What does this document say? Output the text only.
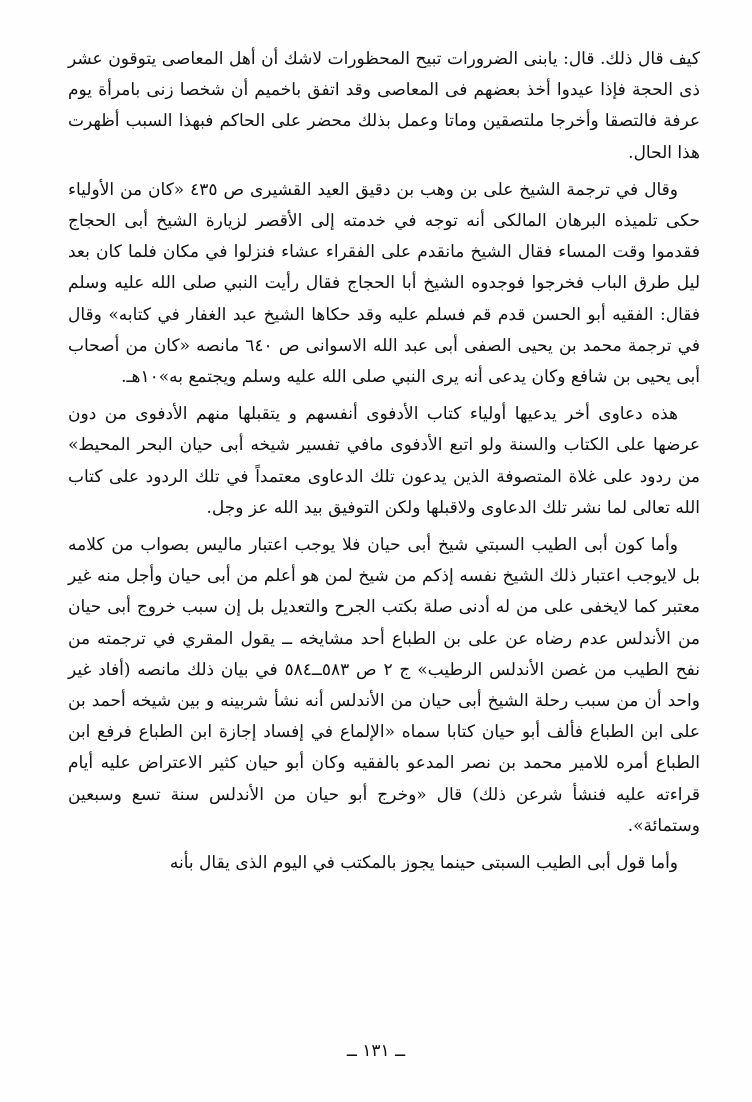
كيف قال ذلك. قال: يابنى الضرورات تبيح المحظورات لاشك أن أهل المعاصى يتوقون عشر ذى الحجة فإذا عيدوا أخذ بعضهم فى المعاصى وقد اتفق باخميم أن شخصا زنى بامرأة يوم عرفة فالتصقا وأخرجا ملتصقين وماتا وعمل بذلك محضر على الحاكم فبهذا السبب أظهرت هذا الحال.

وقال في ترجمة الشيخ على بن وهب بن دقيق العيد القشيرى ص ٤٣٥ «كان من الأولياء حكى تلميذه البرهان المالكى أنه توجه في خدمته إلى الأقصر لزيارة الشيخ أبى الحجاج فقدموا وقت المساء فقال الشيخ مانقدم على الفقراء عشاء فنزلوا في مكان فلما كان بعد ليل طرق الباب فخرجوا فوجدوه الشيخ أبا الحجاج فقال رأيت النبي صلى الله عليه وسلم فقال: الفقيه أبو الحسن قدم قم فسلم عليه وقد حكاها الشيخ عبد الغفار في كتابه» وقال في ترجمة محمد بن يحيى الصفى أبى عبد الله الاسوانى ص ٦٤٠ مانصه «كان من أصحاب أبى يحيى بن شافع وكان يدعى أنه يرى النبي صلى الله عليه وسلم ويجتمع به»١٠هـ.

هذه دعاوى أخر يدعيها أولياء كتاب الأدفوى أنفسهم و يتقبلها منهم الأدفوى من دون عرضها على الكتاب والسنة ولو اتبع الأدفوى مافي تفسير شيخه أبى حيان البحر المحيط» من ردود على غلاة المتصوفة الذين يدعون تلك الدعاوى معتمداً في تلك الردود على كتاب الله تعالى لما نشر تلك الدعاوى ولاقبلها ولكن التوفيق بيد الله عز وجل.

وأما كون أبى الطيب السبتي شيخ أبى حيان فلا يوجب اعتبار ماليس بصواب من كلامه بل لايوجب اعتبار ذلك الشيخ نفسه إذكم من شيخ لمن هو أعلم من أبى حيان وأجل منه غير معتبر كما لايخفى على من له أدنى صلة بكتب الجرح والتعديل بل إن سبب خروج أبى حيان من الأندلس عدم رضاه عن على بن الطباع أحد مشايخه ــ يقول المقري في ترجمته من نفح الطيب من غصن الأندلس الرطيب» ج ٢ ص ٥٨٣ــ٥٨٤ في بيان ذلك مانصه (أفاد غير واحد أن من سبب رحلة الشيخ أبى حيان من الأندلس أنه نشأ شربينه و بين شيخه أحمد بن على ابن الطباع فألف أبو حيان كتابا سماه «الإلماع في إفساد إجازة ابن الطباع فرفع ابن الطباع أمره للامير محمد بن نصر المدعو بالفقيه وكان أبو حيان كثير الاعتراض عليه أيام قراءته عليه فنشأ شرعن ذلك) قال «وخرج أبو حيان من الأندلس سنة تسع وسبعين وستمائة».

وأما قول أبى الطيب السبتى حينما يجوز بالمكتب في اليوم الذى يقال بأنه

ــ ١٣١ ــ
